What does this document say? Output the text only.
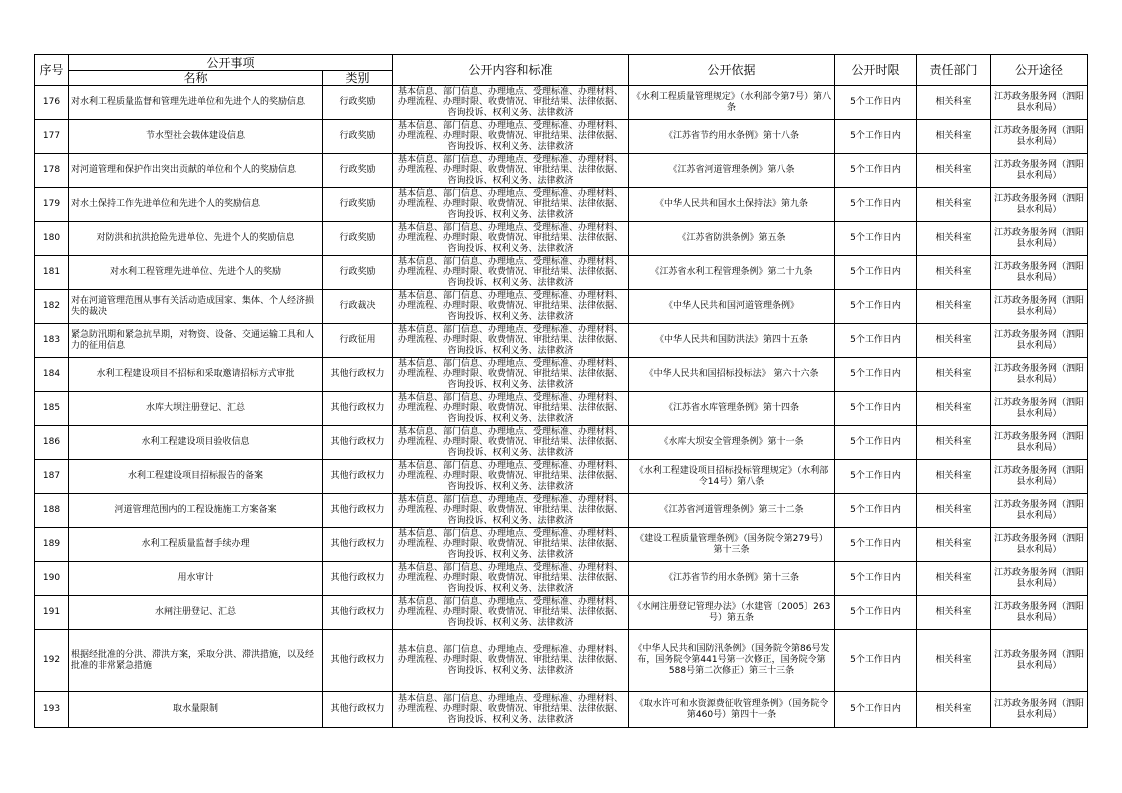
序号	公开事项		公开内容和标准	公开依据	公开时限	责任部门	公开途径
	名称	类别					
176	对水利工程质量监督和管理先进单位和先进个人的奖励信息	行政奖励	基本信息、部门信息、办理地点、受理标准、办理材料、办理流程、办理时限、收费情况、审批结果、法律依据、咨询投诉、权利义务、法律救济	《水利工程质量管理规定》（水利部令第7号）第八条	5个工作日内	相关科室	江苏政务服务网（泗阳县水利局）
177	节水型社会载体建设信息	行政奖励	基本信息、部门信息、办理地点、受理标准、办理材料、办理流程、办理时限、收费情况、审批结果、法律依据、咨询投诉、权利义务、法律救济	《江苏省节约用水条例》第十八条	5个工作日内	相关科室	江苏政务服务网（泗阳县水利局）
178	对河道管理和保护作出突出贡献的单位和个人的奖励信息	行政奖励	基本信息、部门信息、办理地点、受理标准、办理材料、办理流程、办理时限、收费情况、审批结果、法律依据、咨询投诉、权利义务、法律救济	《江苏省河道管理条例》第八条	5个工作日内	相关科室	江苏政务服务网（泗阳县水利局）
179	对水土保持工作先进单位和先进个人的奖励信息	行政奖励	基本信息、部门信息、办理地点、受理标准、办理材料、办理流程、办理时限、收费情况、审批结果、法律依据、咨询投诉、权利义务、法律救济	《中华人民共和国水土保持法》第九条	5个工作日内	相关科室	江苏政务服务网（泗阳县水利局）
180	对防洪和抗洪抢险先进单位、先进个人的奖励信息	行政奖励	基本信息、部门信息、办理地点、受理标准、办理材料、办理流程、办理时限、收费情况、审批结果、法律依据、咨询投诉、权利义务、法律救济	《江苏省防洪条例》第五条	5个工作日内	相关科室	江苏政务服务网（泗阳县水利局）
181	对水利工程管理先进单位、先进个人的奖励	行政奖励	基本信息、部门信息、办理地点、受理标准、办理材料、办理流程、办理时限、收费情况、审批结果、法律依据、咨询投诉、权利义务、法律救济	《江苏省水利工程管理条例》第二十九条	5个工作日内	相关科室	江苏政务服务网（泗阳县水利局）
182	对在河道管理范围从事有关活动造成国家、集体、个人经济损失的裁决	行政裁决	基本信息、部门信息、办理地点、受理标准、办理材料、办理流程、办理时限、收费情况、审批结果、法律依据、咨询投诉、权利义务、法律救济	《中华人民共和国河道管理条例》	5个工作日内	相关科室	江苏政务服务网（泗阳县水利局）
183	紧急防汛期和紧急抗旱期，对物资、设备、交通运输工具和人力的征用信息	行政征用	基本信息、部门信息、办理地点、受理标准、办理材料、办理流程、办理时限、收费情况、审批结果、法律依据、咨询投诉、权利义务、法律救济	《中华人民共和国防洪法》第四十五条	5个工作日内	相关科室	江苏政务服务网（泗阳县水利局）
184	水利工程建设项目不招标和采取邀请招标方式审批	其他行政权力	基本信息、部门信息、办理地点、受理标准、办理材料、办理流程、办理时限、收费情况、审批结果、法律依据、咨询投诉、权利义务、法律救济	《中华人民共和国招标投标法》 第六十六条	5个工作日内	相关科室	江苏政务服务网（泗阳县水利局）
185	水库大坝注册登记、汇总	其他行政权力	基本信息、部门信息、办理地点、受理标准、办理材料、办理流程、办理时限、收费情况、审批结果、法律依据、咨询投诉、权利义务、法律救济	《江苏省水库管理条例》第十四条	5个工作日内	相关科室	江苏政务服务网（泗阳县水利局）
186	水利工程建设项目验收信息	其他行政权力	基本信息、部门信息、办理地点、受理标准、办理材料、办理流程、办理时限、收费情况、审批结果、法律依据、咨询投诉、权利义务、法律救济	《水库大坝安全管理条例》第十一条	5个工作日内	相关科室	江苏政务服务网（泗阳县水利局）
187	水利工程建设项目招标报告的备案	其他行政权力	基本信息、部门信息、办理地点、受理标准、办理材料、办理流程、办理时限、收费情况、审批结果、法律依据、咨询投诉、权利义务、法律救济	《水利工程建设项目招标投标管理规定》（水利部令14号）第八条	5个工作日内	相关科室	江苏政务服务网（泗阳县水利局）
188	河道管理范围内的工程设施施工方案备案	其他行政权力	基本信息、部门信息、办理地点、受理标准、办理材料、办理流程、办理时限、收费情况、审批结果、法律依据、咨询投诉、权利义务、法律救济	《江苏省河道管理条例》第三十二条	5个工作日内	相关科室	江苏政务服务网（泗阳县水利局）
189	水利工程质量监督手续办理	其他行政权力	基本信息、部门信息、办理地点、受理标准、办理材料、办理流程、办理时限、收费情况、审批结果、法律依据、咨询投诉、权利义务、法律救济	《建设工程质量管理条例》（国务院令第279号）第十三条	5个工作日内	相关科室	江苏政务服务网（泗阳县水利局）
190	用水审计	其他行政权力	基本信息、部门信息、办理地点、受理标准、办理材料、办理流程、办理时限、收费情况、审批结果、法律依据、咨询投诉、权利义务、法律救济	《江苏省节约用水条例》第十三条	5个工作日内	相关科室	江苏政务服务网（泗阳县水利局）
191	水闸注册登记、汇总	其他行政权力	基本信息、部门信息、办理地点、受理标准、办理材料、办理流程、办理时限、收费情况、审批结果、法律依据、咨询投诉、权利义务、法律救济	《水闸注册登记管理办法》（水建管〔2005〕263号）第五条	5个工作日内	相关科室	江苏政务服务网（泗阳县水利局）
192	根据经批准的分洪、滞洪方案，采取分洪、滞洪措施，以及经批准的非常紧急措施	其他行政权力	基本信息、部门信息、办理地点、受理标准、办理材料、办理流程、办理时限、收费情况、审批结果、法律依据、咨询投诉、权利义务、法律救济	《中华人民共和国防汛条例》（国务院令第86号发布，国务院令第441号第一次修正，国务院令第588号第二次修正）第三十三条	5个工作日内	相关科室	江苏政务服务网（泗阳县水利局）
193	取水量限制	其他行政权力	基本信息、部门信息、办理地点、受理标准、办理材料、办理流程、办理时限、收费情况、审批结果、法律依据、咨询投诉、权利义务、法律救济	《取水许可和水资源费征收管理条例》（国务院令第460号）第四十一条	5个工作日内	相关科室	江苏政务服务网（泗阳县水利局）
